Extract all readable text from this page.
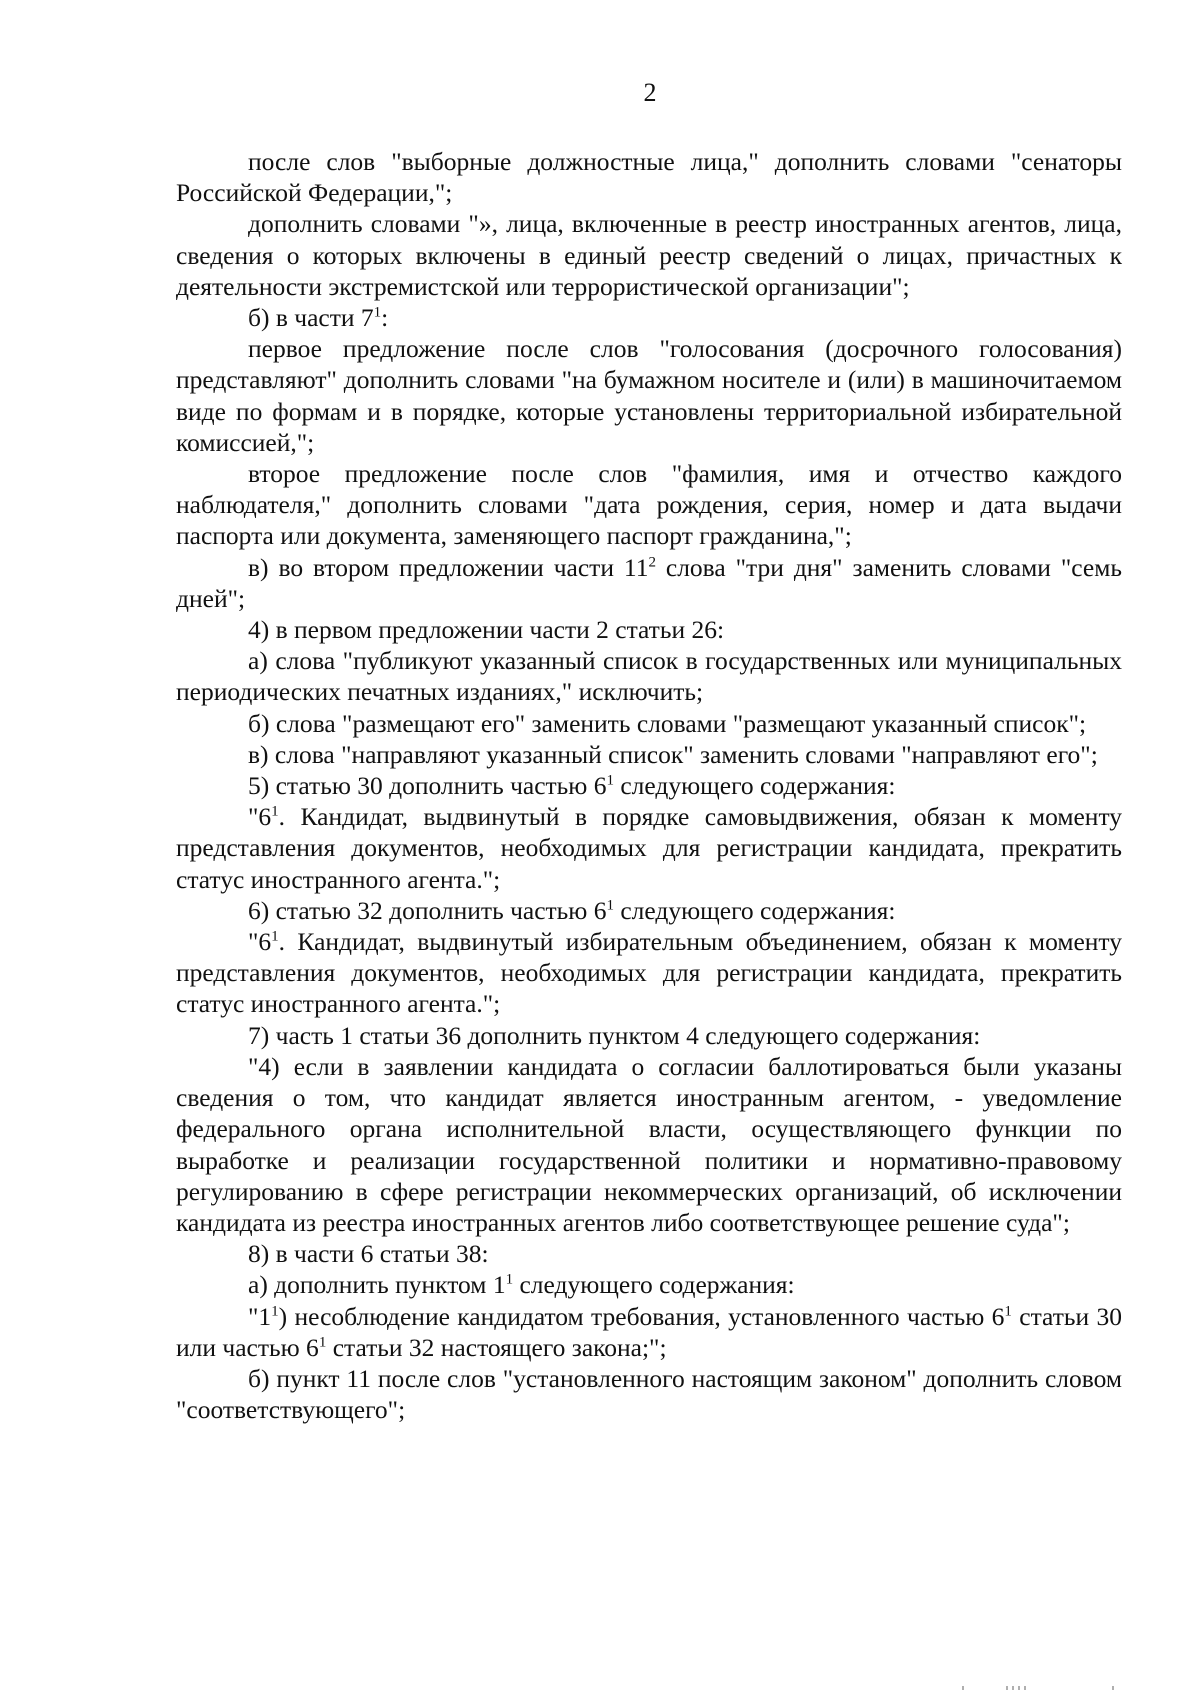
2

после слов "выборные должностные лица," дополнить словами "сенаторы Российской Федерации,";

дополнить словами "», лица, включенные в реестр иностранных агентов, лица, сведения о которых включены в единый реестр сведений о лицах, причастных к деятельности экстремистской или террористической организации";

б) в части $7^1$:

первое предложение после слов "голосования (досрочного голосования) представляют" дополнить словами "на бумажном носителе и (или) в машиночитаемом виде по формам и в порядке, которые установлены территориальной избирательной комиссией,";

второе предложение после слов "фамилия, имя и отчество каждого наблюдателя," дополнить словами "дата рождения, серия, номер и дата выдачи паспорта или документа, заменяющего паспорт гражданина,";

в) во втором предложении части $11^2$ слова "три дня" заменить словами "семь дней";

4) в первом предложении части 2 статьи 26:

а) слова "публикуют указанный список в государственных или муниципальных периодических печатных изданиях," исключить;

б) слова "размещают его" заменить словами "размещают указанный список";

в) слова "направляют указанный список" заменить словами "направляют его";

5) статью 30 дополнить частью $6^1$ следующего содержания:

"$6^1$. Кандидат, выдвинутый в порядке самовыдвижения, обязан к моменту представления документов, необходимых для регистрации кандидата, прекратить статус иностранного агента.";

6) статью 32 дополнить частью $6^1$ следующего содержания:

"$6^1$. Кандидат, выдвинутый избирательным объединением, обязан к моменту представления документов, необходимых для регистрации кандидата, прекратить статус иностранного агента.";

7) часть 1 статьи 36 дополнить пунктом 4 следующего содержания:

"4) если в заявлении кандидата о согласии баллотироваться были указаны сведения о том, что кандидат является иностранным агентом, - уведомление федерального органа исполнительной власти, осуществляющего функции по выработке и реализации государственной политики и нормативно-правовому регулированию в сфере регистрации некоммерческих организаций, об исключении кандидата из реестра иностранных агентов либо соответствующее решение суда";

8) в части 6 статьи 38:

а) дополнить пунктом $1^1$ следующего содержания:

"$1^1$) несоблюдение кандидатом требования, установленного частью $6^1$ статьи 30 или частью $6^1$ статьи 32 настоящего закона;";

б) пункт 11 после слов "установленного настоящим законом" дополнить словом "соответствующего";
